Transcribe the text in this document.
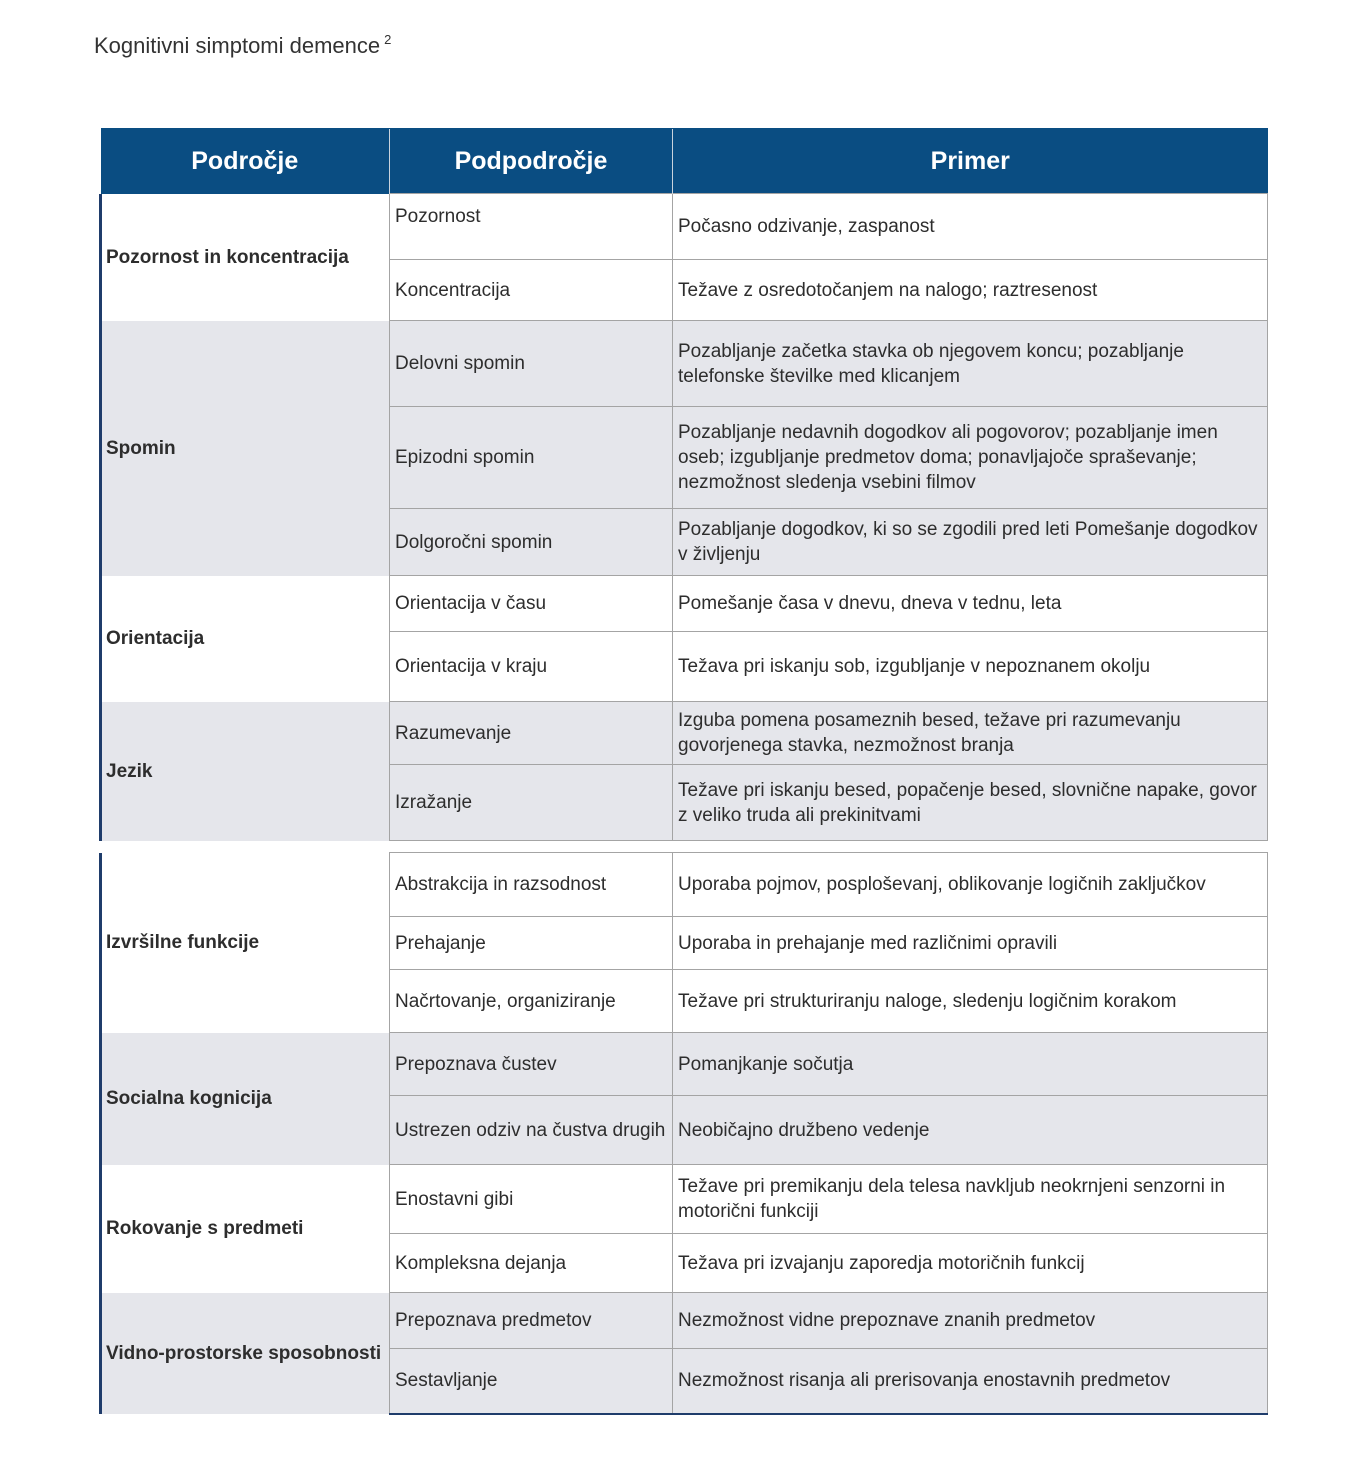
Kognitivni simptomi demence $^2$
Področje	Podpodročje	Primer
Pozornost in koncentracija	Pozornost	Počasno odzivanje, zaspanost
	Koncentracija	Težave z osredotočanjem na nalogo; raztresenost
Spomin	Delovni spomin	Pozabljanje začetka stavka ob njegovem koncu; pozabljanje telefonske številke med klicanjem
	Epizodni spomin	Pozabljanje nedavnih dogodkov ali pogovorov; pozabljanje imen oseb; izgubljanje predmetov doma; ponavljajoče spraševanje; nezmožnost sledenja vsebini filmov
	Dolgoročni spomin	Pozabljanje dogodkov, ki so se zgodili pred leti Pomešanje dogodkov v življenju
Orientacija	Orientacija v času	Pomešanje časa v dnevu, dneva v tednu, leta
	Orientacija v kraju	Težava pri iskanju sob, izgubljanje v nepoznanem okolju
Jezik	Razumevanje	Izguba pomena posameznih besed, težave pri razumevanju govorjenega stavka, nezmožnost branja
	Izražanje	Težave pri iskanju besed, popačenje besed, slovnične napake, govor z veliko truda ali prekinitvami

Izvršilne funkcije	Abstrakcija in razsodnost	Uporaba pojmov, posploševanj, oblikovanje logičnih zaključkov
	Prehajanje	Uporaba in prehajanje med različnimi opravili
	Načrtovanje, organiziranje	Težave pri strukturiranju naloge, sledenju logičnim korakom
Socialna kognicija	Prepoznava čustev	Pomanjkanje sočutja
	Ustrezen odziv na čustva drugih	Neobičajno družbeno vedenje
Rokovanje s predmeti	Enostavni gibi	Težave pri premikanju dela telesa navkljub neokrnjeni senzorni in motorični funkciji
	Kompleksna dejanja	Težava pri izvajanju zaporedja motoričnih funkcij
Vidno-prostorske sposobnosti	Prepoznava predmetov	Nezmožnost vidne prepoznave znanih predmetov
	Sestavljanje	Nezmožnost risanja ali prerisovanja enostavnih predmetov
